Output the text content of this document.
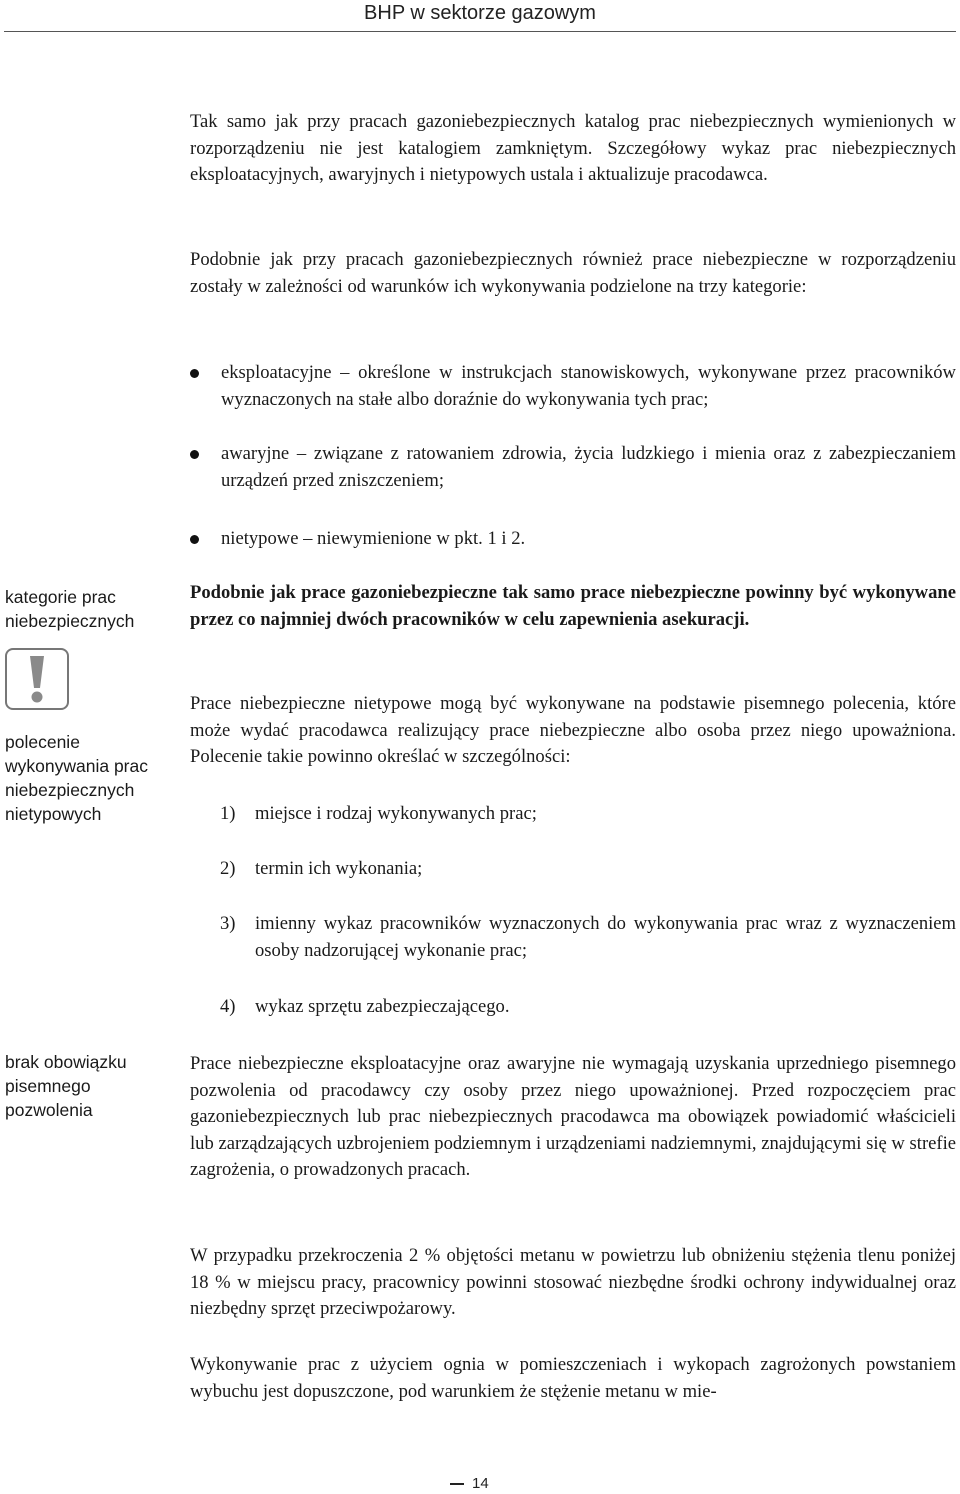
BHP w sektorze gazowym

Tak samo jak przy pracach gazoniebezpiecznych katalog prac niebezpiecznych wymienionych w rozporządzeniu nie jest katalogiem zamkniętym. Szczegółowy wykaz prac niebezpiecznych eksploatacyjnych, awaryjnych i nietypowych ustala i aktualizuje pracodawca.

Podobnie jak przy pracach gazoniebezpiecznych również prace niebezpieczne w rozporządzeniu zostały w zależności od warunków ich wykonywania podzielone na trzy kategorie:

eksploatacyjne – określone w instrukcjach stanowiskowych, wykonywane przez pracowników wyznaczonych na stałe albo doraźnie do wykonywania tych prac;
awaryjne – związane z ratowaniem zdrowia, życia ludzkiego i mienia oraz z zabezpieczaniem urządzeń przed zniszczeniem;
nietypowe – niewymienione w pkt. 1 i 2.

kategorie prac niebezpiecznych

polecenie wykonywania prac niebezpiecznych nietypowych

Podobnie jak prace gazoniebezpieczne tak samo prace niebezpieczne powinny być wykonywane przez co najmniej dwóch pracowników w celu zapewnienia asekuracji.

Prace niebezpieczne nietypowe mogą być wykonywane na podstawie pisemnego polecenia, które może wydać pracodawca realizujący prace niebezpieczne albo osoba przez niego upoważniona. Polecenie takie powinno określać w szczególności:

1) miejsce i rodzaj wykonywanych prac;
2) termin ich wykonania;
3) imienny wykaz pracowników wyznaczonych do wykonywania prac wraz z wyznaczeniem osoby nadzorującej wykonanie prac;
4) wykaz sprzętu zabezpieczającego.

brak obowiązku pisemnego pozwolenia

Prace niebezpieczne eksploatacyjne oraz awaryjne nie wymagają uzyskania uprzedniego pisemnego pozwolenia od pracodawcy czy osoby przez niego upoważnionej. Przed rozpoczęciem prac gazoniebezpiecznych lub prac niebezpiecznych pracodawca ma obowiązek powiadomić właścicieli lub zarządzających uzbrojeniem podziemnym i urządzeniami nadziemnymi, znajdującymi się w strefie zagrożenia, o prowadzonych pracach.

W przypadku przekroczenia 2 % objętości metanu w powietrzu lub obniżeniu stężenia tlenu poniżej 18 % w miejscu pracy, pracownicy powinni stosować niezbędne środki ochrony indywidualnej oraz niezbędny sprzęt przeciwpożarowy.

Wykonywanie prac z użyciem ognia w pomieszczeniach i wykopach zagrożonych powstaniem wybuchu jest dopuszczone, pod warunkiem że stężenie metanu w mie-

14
